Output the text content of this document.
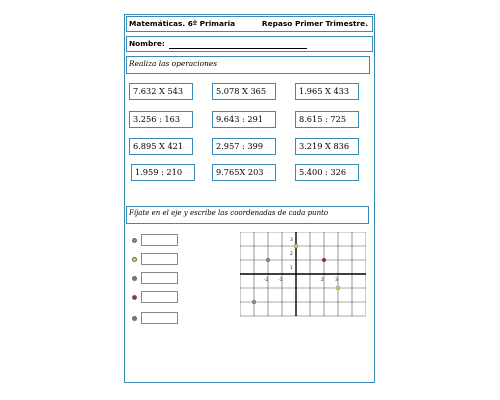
Matemáticas. 6º Primaria	Repaso Primer Trimestre.
Nombre:
Realiza las operaciones
7.632 X 543	5.078 X 365	1.965 X 433
3.256 : 163	9.643 : 291	8.615 : 725
6.895 X 421	2.957 : 399	3.219 X 836
1.959 : 210	9.765X 203	5.400 : 326
Fíjate en el eje y escribe las coordenadas de cada punto
3
2
1
-2 -1	2 3
